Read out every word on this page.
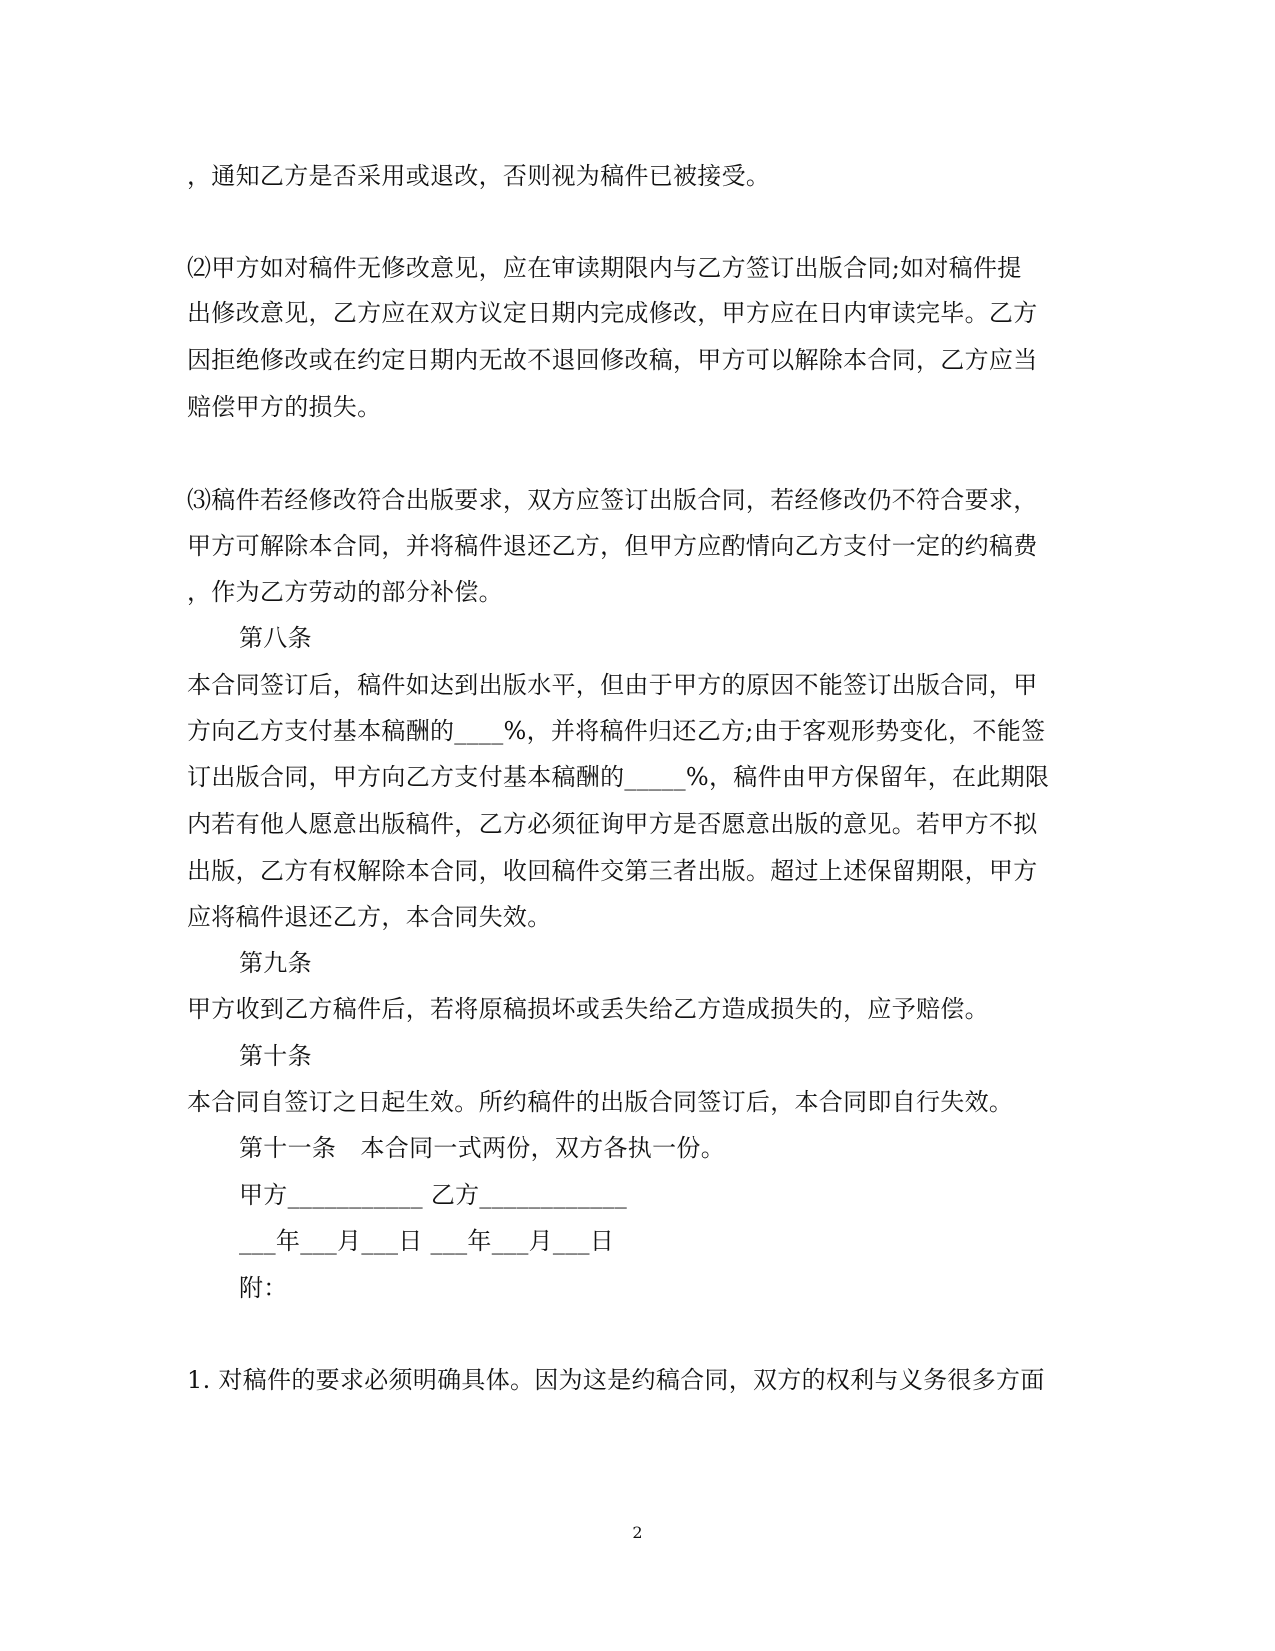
，通知乙方是否采用或退改，否则视为稿件已被接受。
⑵甲方如对稿件无修改意见，应在审读期限内与乙方签订出版合同;如对稿件提
出修改意见，乙方应在双方议定日期内完成修改，甲方应在日内审读完毕。乙方
因拒绝修改或在约定日期内无故不退回修改稿，甲方可以解除本合同，乙方应当
赔偿甲方的损失。
⑶稿件若经修改符合出版要求，双方应签订出版合同，若经修改仍不符合要求，
甲方可解除本合同，并将稿件退还乙方，但甲方应酌情向乙方支付一定的约稿费
，作为乙方劳动的部分补偿。
第八条
本合同签订后，稿件如达到出版水平，但由于甲方的原因不能签订出版合同，甲
方向乙方支付基本稿酬的____%，并将稿件归还乙方;由于客观形势变化，不能签
订出版合同，甲方向乙方支付基本稿酬的_____%，稿件由甲方保留年，在此期限
内若有他人愿意出版稿件，乙方必须征询甲方是否愿意出版的意见。若甲方不拟
出版，乙方有权解除本合同，收回稿件交第三者出版。超过上述保留期限，甲方
应将稿件退还乙方，本合同失效。
第九条
甲方收到乙方稿件后，若将原稿损坏或丢失给乙方造成损失的，应予赔偿。
第十条
本合同自签订之日起生效。所约稿件的出版合同签订后，本合同即自行失效。
第十一条　本合同一式两份，双方各执一份。
甲方___________ 乙方____________
___年___月___日 ___年___月___日
附：
1. 对稿件的要求必须明确具体。因为这是约稿合同，双方的权利与义务很多方面
2
